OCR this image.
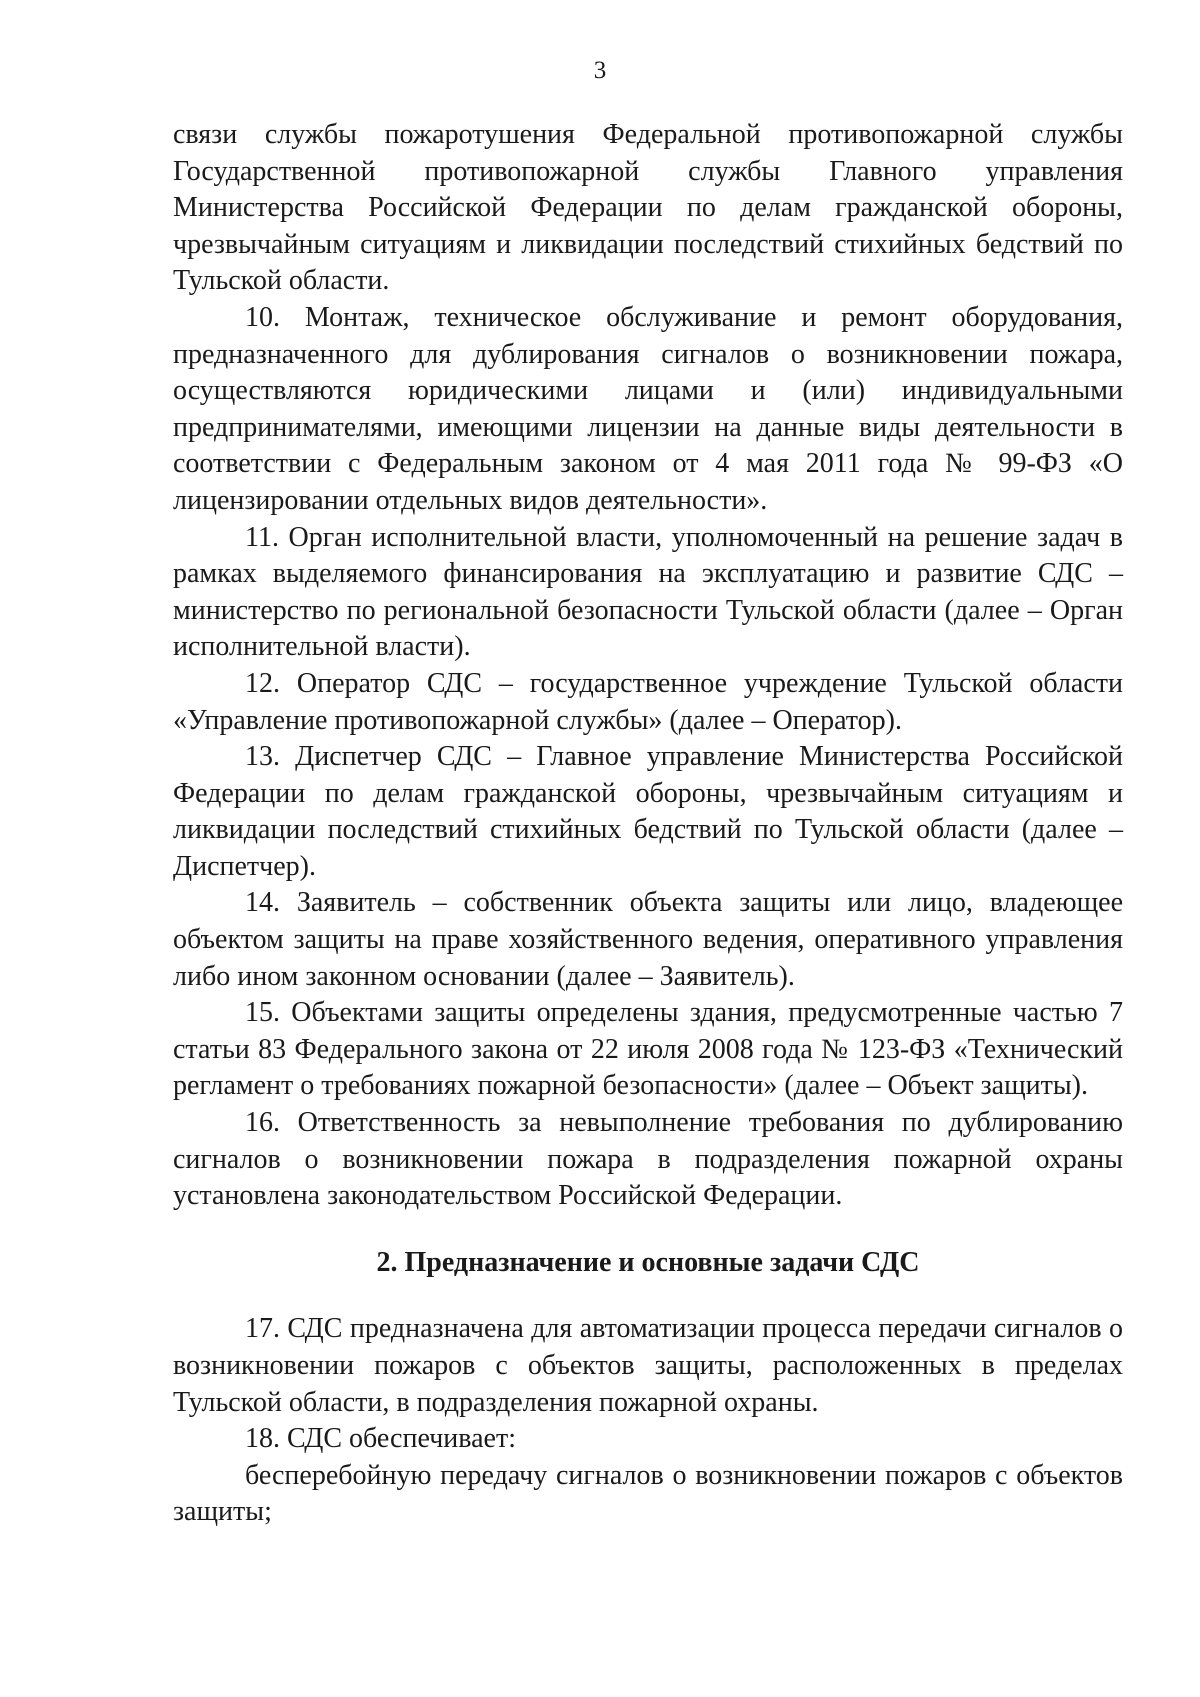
3

связи службы пожаротушения Федеральной противопожарной службы Государственной противопожарной службы Главного управления Министерства Российской Федерации по делам гражданской обороны, чрезвычайным ситуациям и ликвидации последствий стихийных бедствий по Тульской области.

10. Монтаж, техническое обслуживание и ремонт оборудования, предназначенного для дублирования сигналов о возникновении пожара, осуществляются юридическими лицами и (или) индивидуальными предпринимателями, имеющими лицензии на данные виды деятельности в соответствии с Федеральным законом от 4 мая 2011 года № 99-ФЗ «О лицензировании отдельных видов деятельности».

11. Орган исполнительной власти, уполномоченный на решение задач в рамках выделяемого финансирования на эксплуатацию и развитие СДС – министерство по региональной безопасности Тульской области (далее – Орган исполнительной власти).

12. Оператор СДС – государственное учреждение Тульской области «Управление противопожарной службы» (далее – Оператор).

13. Диспетчер СДС – Главное управление Министерства Российской Федерации по делам гражданской обороны, чрезвычайным ситуациям и ликвидации последствий стихийных бедствий по Тульской области (далее – Диспетчер).

14. Заявитель – собственник объекта защиты или лицо, владеющее объектом защиты на праве хозяйственного ведения, оперативного управления либо ином законном основании (далее – Заявитель).

15. Объектами защиты определены здания, предусмотренные частью 7 статьи 83 Федерального закона от 22 июля 2008 года № 123-ФЗ «Технический регламент о требованиях пожарной безопасности» (далее – Объект защиты).

16. Ответственность за невыполнение требования по дублированию сигналов о возникновении пожара в подразделения пожарной охраны установлена законодательством Российской Федерации.

2. Предназначение и основные задачи СДС

17. СДС предназначена для автоматизации процесса передачи сигналов о возникновении пожаров с объектов защиты, расположенных в пределах Тульской области, в подразделения пожарной охраны.

18. СДС обеспечивает:

бесперебойную передачу сигналов о возникновении пожаров с объектов защиты;
